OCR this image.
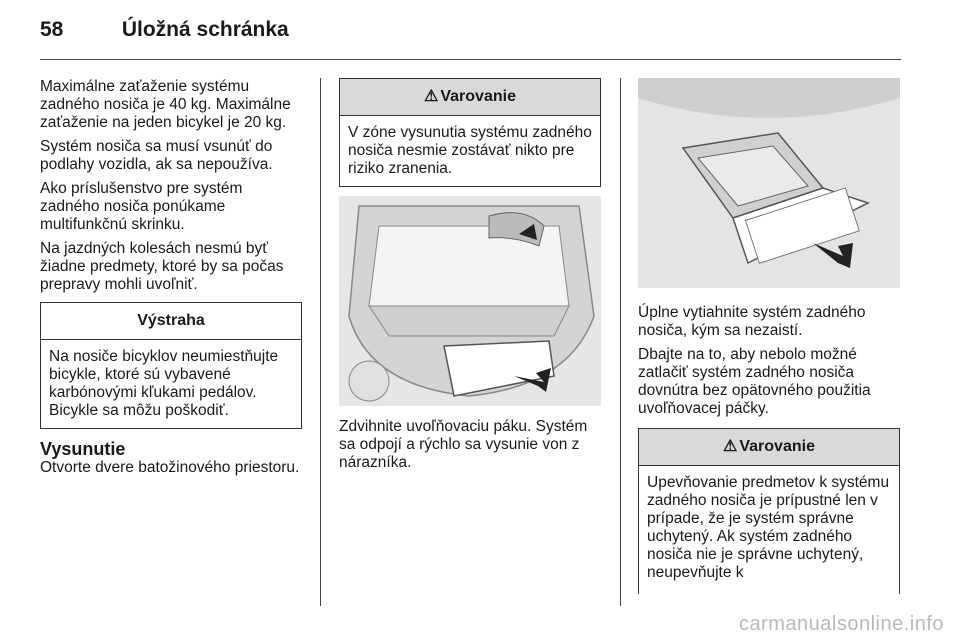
58	Úložná schránka

Maximálne zaťaženie systému zadného nosiča je 40 kg. Maximálne zaťaženie na jeden bicykel je 20 kg.

Systém nosiča sa musí vsunúť do podlahy vozidla, ak sa nepoužíva.

Ako príslušenstvo pre systém zadného nosiča ponúkame multifunkčnú skrinku.

Na jazdných kolesách nesmú byť žiadne predmety, ktoré by sa počas prepravy mohli uvoľniť.

Výstraha

Na nosiče bicyklov neumiestňujte bicykle, ktoré sú vybavené karbónovými kľukami pedálov. Bicykle sa môžu poškodiť.

Vysunutie

Otvorte dvere batožinového priestoru.

⚠ Varovanie

V zóne vysunutia systému zadného nosiča nesmie zostávať nikto pre riziko zranenia.

Zdvihnite uvoľňovaciu páku. Systém sa odpojí a rýchlo sa vysunie von z nárazníka.

Úplne vytiahnite systém zadného nosiča, kým sa nezaistí.

Dbajte na to, aby nebolo možné zatlačiť systém zadného nosiča dovnútra bez opätovného použitia uvoľňovacej páčky.

⚠ Varovanie

Upevňovanie predmetov k systému zadného nosiča je prípustné len v prípade, že je systém správne uchytený. Ak systém zadného nosiča nie je správne uchytený, neupevňujte k

carmanualsonline.info
